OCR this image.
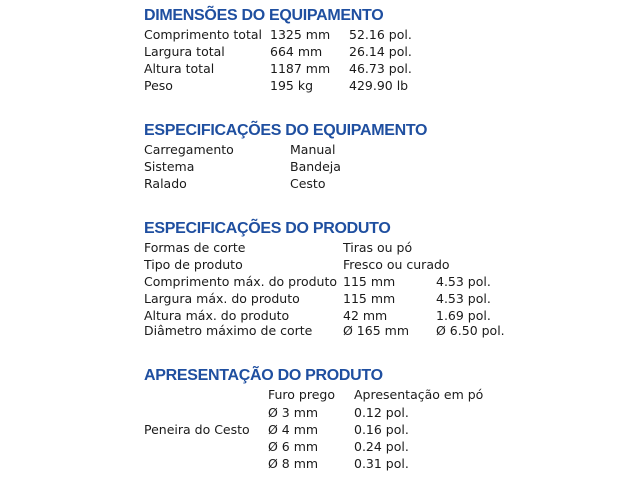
DIMENSÕES DO EQUIPAMENTO
Comprimento total 1325 mm 52.16 pol.
Largura total	664 mm 26.14 pol.
Altura total	1187 mm 46.73 pol.
Peso	195 kg	429.90 lb
ESPECIFICAÇÕES DO EQUIPAMENTO
Carregamento	Manual
Sistema	Bandeja
Ralado	Cesto
ESPECIFICAÇÕES DO PRODUTO
Formas de corte	Tiras ou pó
Tipo de produto	Fresco ou curado
Comprimento máx. do produto 115 mm	4.53 pol.
Largura máx. do produto	115 mm	4.53 pol.
Altura máx. do produto	42 mm	1.69 pol.
Diâmetro máximo de corte Ø 165 mm Ø 6.50 pol.
APRESENTAÇÃO DO PRODUTO
Furo prego Apresentação em pó
Ø 3 mm	0.12 pol.
Peneira do Cesto Ø 4 mm	0.16 pol.
Ø 6 mm	0.24 pol.
Ø 8 mm	0.31 pol.
